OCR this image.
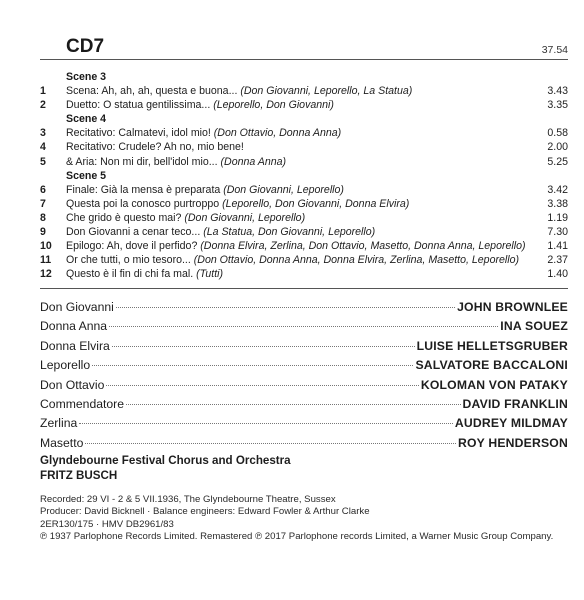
CD7	37.54
Scene 3
1	Scena: Ah, ah, ah, questa e buona... (Don Giovanni, Leporello, La Statua)	3.43
2	Duetto: O statua gentilissima... (Leporello, Don Giovanni)	3.35
Scene 4
3	Recitativo: Calmatevi, idol mio! (Don Ottavio, Donna Anna)	0.58
4	Recitativo: Crudele? Ah no, mio bene!	2.00
5	& Aria: Non mi dir, bell'idol mio... (Donna Anna)	5.25
Scene 5
6	Finale: Già la mensa è preparata (Don Giovanni, Leporello)	3.42
7	Questa poi la conosco purtroppo (Leporello, Don Giovanni, Donna Elvira)	3.38
8	Che grido è questo mai? (Don Giovanni, Leporello)	1.19
9	Don Giovanni a cenar teco... (La Statua, Don Giovanni, Leporello)	7.30
10	Epilogo: Ah, dove il perfido? (Donna Elvira, Zerlina, Don Ottavio, Masetto, Donna Anna, Leporello)	1.41
11	Or che tutti, o mio tesoro... (Don Ottavio, Donna Anna, Donna Elvira, Zerlina, Masetto, Leporello)	2.37
12	Questo è il fin di chi fa mal. (Tutti)	1.40
Don Giovanni	JOHN BROWNLEE
Donna Anna	INA SOUEZ
Donna Elvira	LUISE HELLETSGRUBER
Leporello	SALVATORE BACCALONI
Don Ottavio	KOLOMAN VON PATAKY
Commendatore	DAVID FRANKLIN
Zerlina	AUDREY MILDMAY
Masetto	ROY HENDERSON
Glyndebourne Festival Chorus and Orchestra
FRITZ BUSCH
Recorded: 29 VI - 2 & 5 VII.1936, The Glyndebourne Theatre, Sussex
Producer: David Bicknell · Balance engineers: Edward Fowler & Arthur Clarke
2ER130/175 · HMV DB2961/83
℗ 1937 Parlophone Records Limited. Remastered ℗ 2017 Parlophone records Limited, a Warner Music Group Company.
